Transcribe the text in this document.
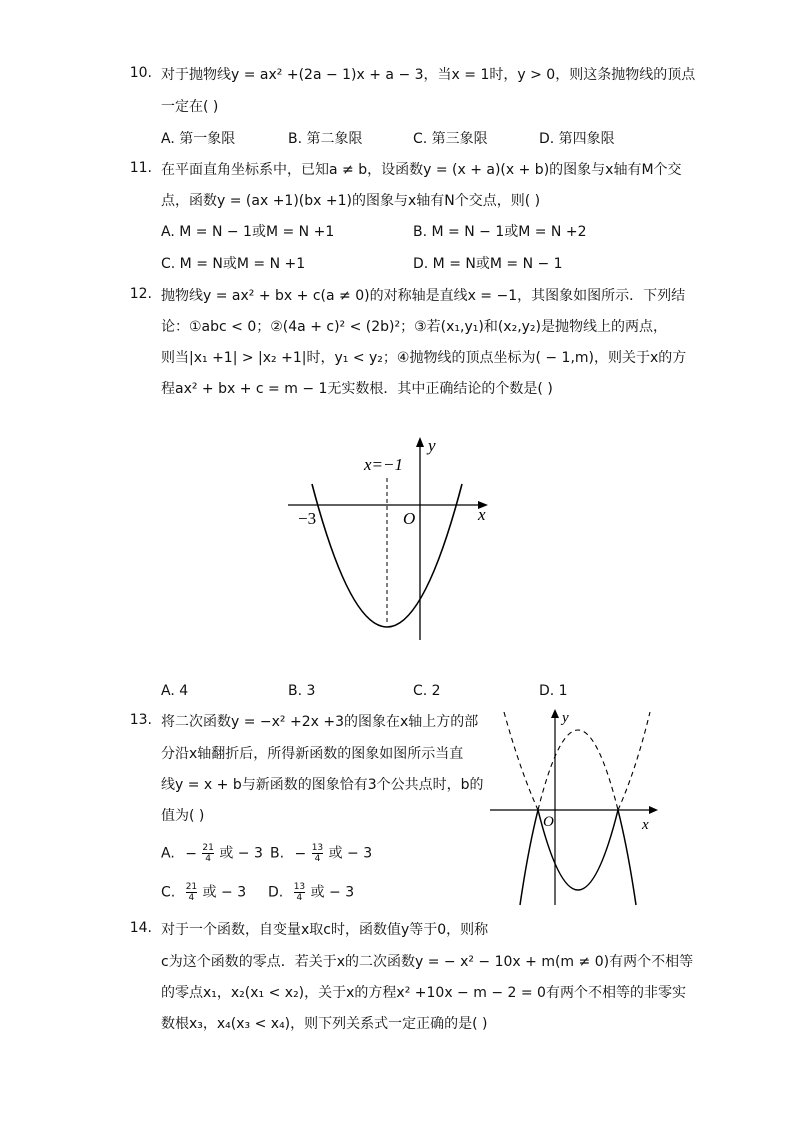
10. 对于抛物线y = ax² +(2a − 1)x + a − 3，当x = 1时，y > 0，则这条抛物线的顶点
一定在( )
A. 第一象限	B. 第二象限	C. 第三象限	D. 第四象限
11. 在平面直角坐标系中，已知a ≠ b，设函数y = (x + a)(x + b)的图象与x轴有M个交
点，函数y = (ax +1)(bx +1)的图象与x轴有N个交点，则( )
A. M = N − 1或M = N +1	B. M = N − 1或M = N +2
C. M = N或M = N +1	D. M = N或M = N − 1
12. 抛物线y = ax² + bx + c(a ≠ 0)的对称轴是直线x = −1，其图象如图所示．下列结
论：①abc < 0；②(4a + c)² < (2b)²；③若(x₁,y₁)和(x₂,y₂)是抛物线上的两点，
则当|x₁ +1| > |x₂ +1|时，y₁ < y₂；④抛物线的顶点坐标为( − 1,m)，则关于x的方
程ax² + bx + c = m − 1无实数根．其中正确结论的个数是( )
x=−1
y
x
O
−3
A. 4	B. 3	C. 2	D. 1
13. 将二次函数y = −x² +2x +3的图象在x轴上方的部
分沿x轴翻折后，所得新函数的图象如图所示当直
线y = x + b与新函数的图象恰有3个公共点时，b的
值为( )
A. − $\frac{21}{4}$ 或 − 3 B. − $\frac{13}{4}$ 或 − 3
C. $\frac{21}{4}$ 或 − 3 D. $\frac{13}{4}$ 或 − 3
y
x
O
14. 对于一个函数，自变量x取c时，函数值y等于0，则称
c为这个函数的零点．若关于x的二次函数y = − x² − 10x + m(m ≠ 0)有两个不相等
的零点x₁，x₂(x₁ < x₂)，关于x的方程x² +10x − m − 2 = 0有两个不相等的非零实
数根x₃，x₄(x₃ < x₄)，则下列关系式一定正确的是( )
